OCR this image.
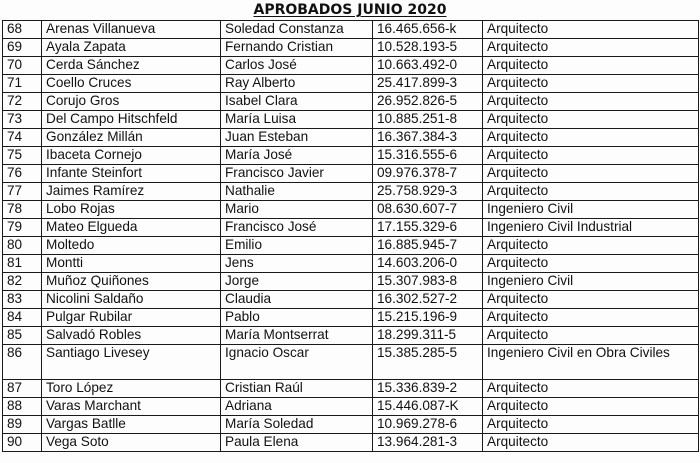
APROBADOS JUNIO 2020
68	Arenas Villanueva	Soledad Constanza	16.465.656-k	Arquitecto
69	Ayala Zapata	Fernando Cristian	10.528.193-5	Arquitecto
70	Cerda Sánchez	Carlos José	10.663.492-0	Arquitecto
71	Coello Cruces	Ray Alberto	25.417.899-3	Arquitecto
72	Corujo Gros	Isabel Clara	26.952.826-5	Arquitecto
73	Del Campo Hitschfeld	María Luisa	10.885.251-8	Arquitecto
74	González Millán	Juan Esteban	16.367.384-3	Arquitecto
75	Ibaceta Cornejo	María José	15.316.555-6	Arquitecto
76	Infante Steinfort	Francisco Javier	09.976.378-7	Arquitecto
77	Jaimes Ramírez	Nathalie	25.758.929-3	Arquitecto
78	Lobo Rojas	Mario	08.630.607-7	Ingeniero Civil
79	Mateo Elgueda	Francisco José	17.155.329-6	Ingeniero Civil Industrial
80	Moltedo	Emilio	16.885.945-7	Arquitecto
81	Montti	Jens	14.603.206-0	Arquitecto
82	Muñoz Quiñones	Jorge	15.307.983-8	Ingeniero Civil
83	Nicolini Saldaño	Claudia	16.302.527-2	Arquitecto
84	Pulgar Rubilar	Pablo	15.215.196-9	Arquitecto
85	Salvadó Robles	María Montserrat	18.299.311-5	Arquitecto
86	Santiago Livesey	Ignacio Oscar	15.385.285-5	Ingeniero Civil en Obra Civiles
87	Toro López	Cristian Raúl	15.336.839-2	Arquitecto
88	Varas Marchant	Adriana	15.446.087-K	Arquitecto
89	Vargas Batlle	María Soledad	10.969.278-6	Arquitecto
90	Vega Soto	Paula Elena	13.964.281-3	Arquitecto
